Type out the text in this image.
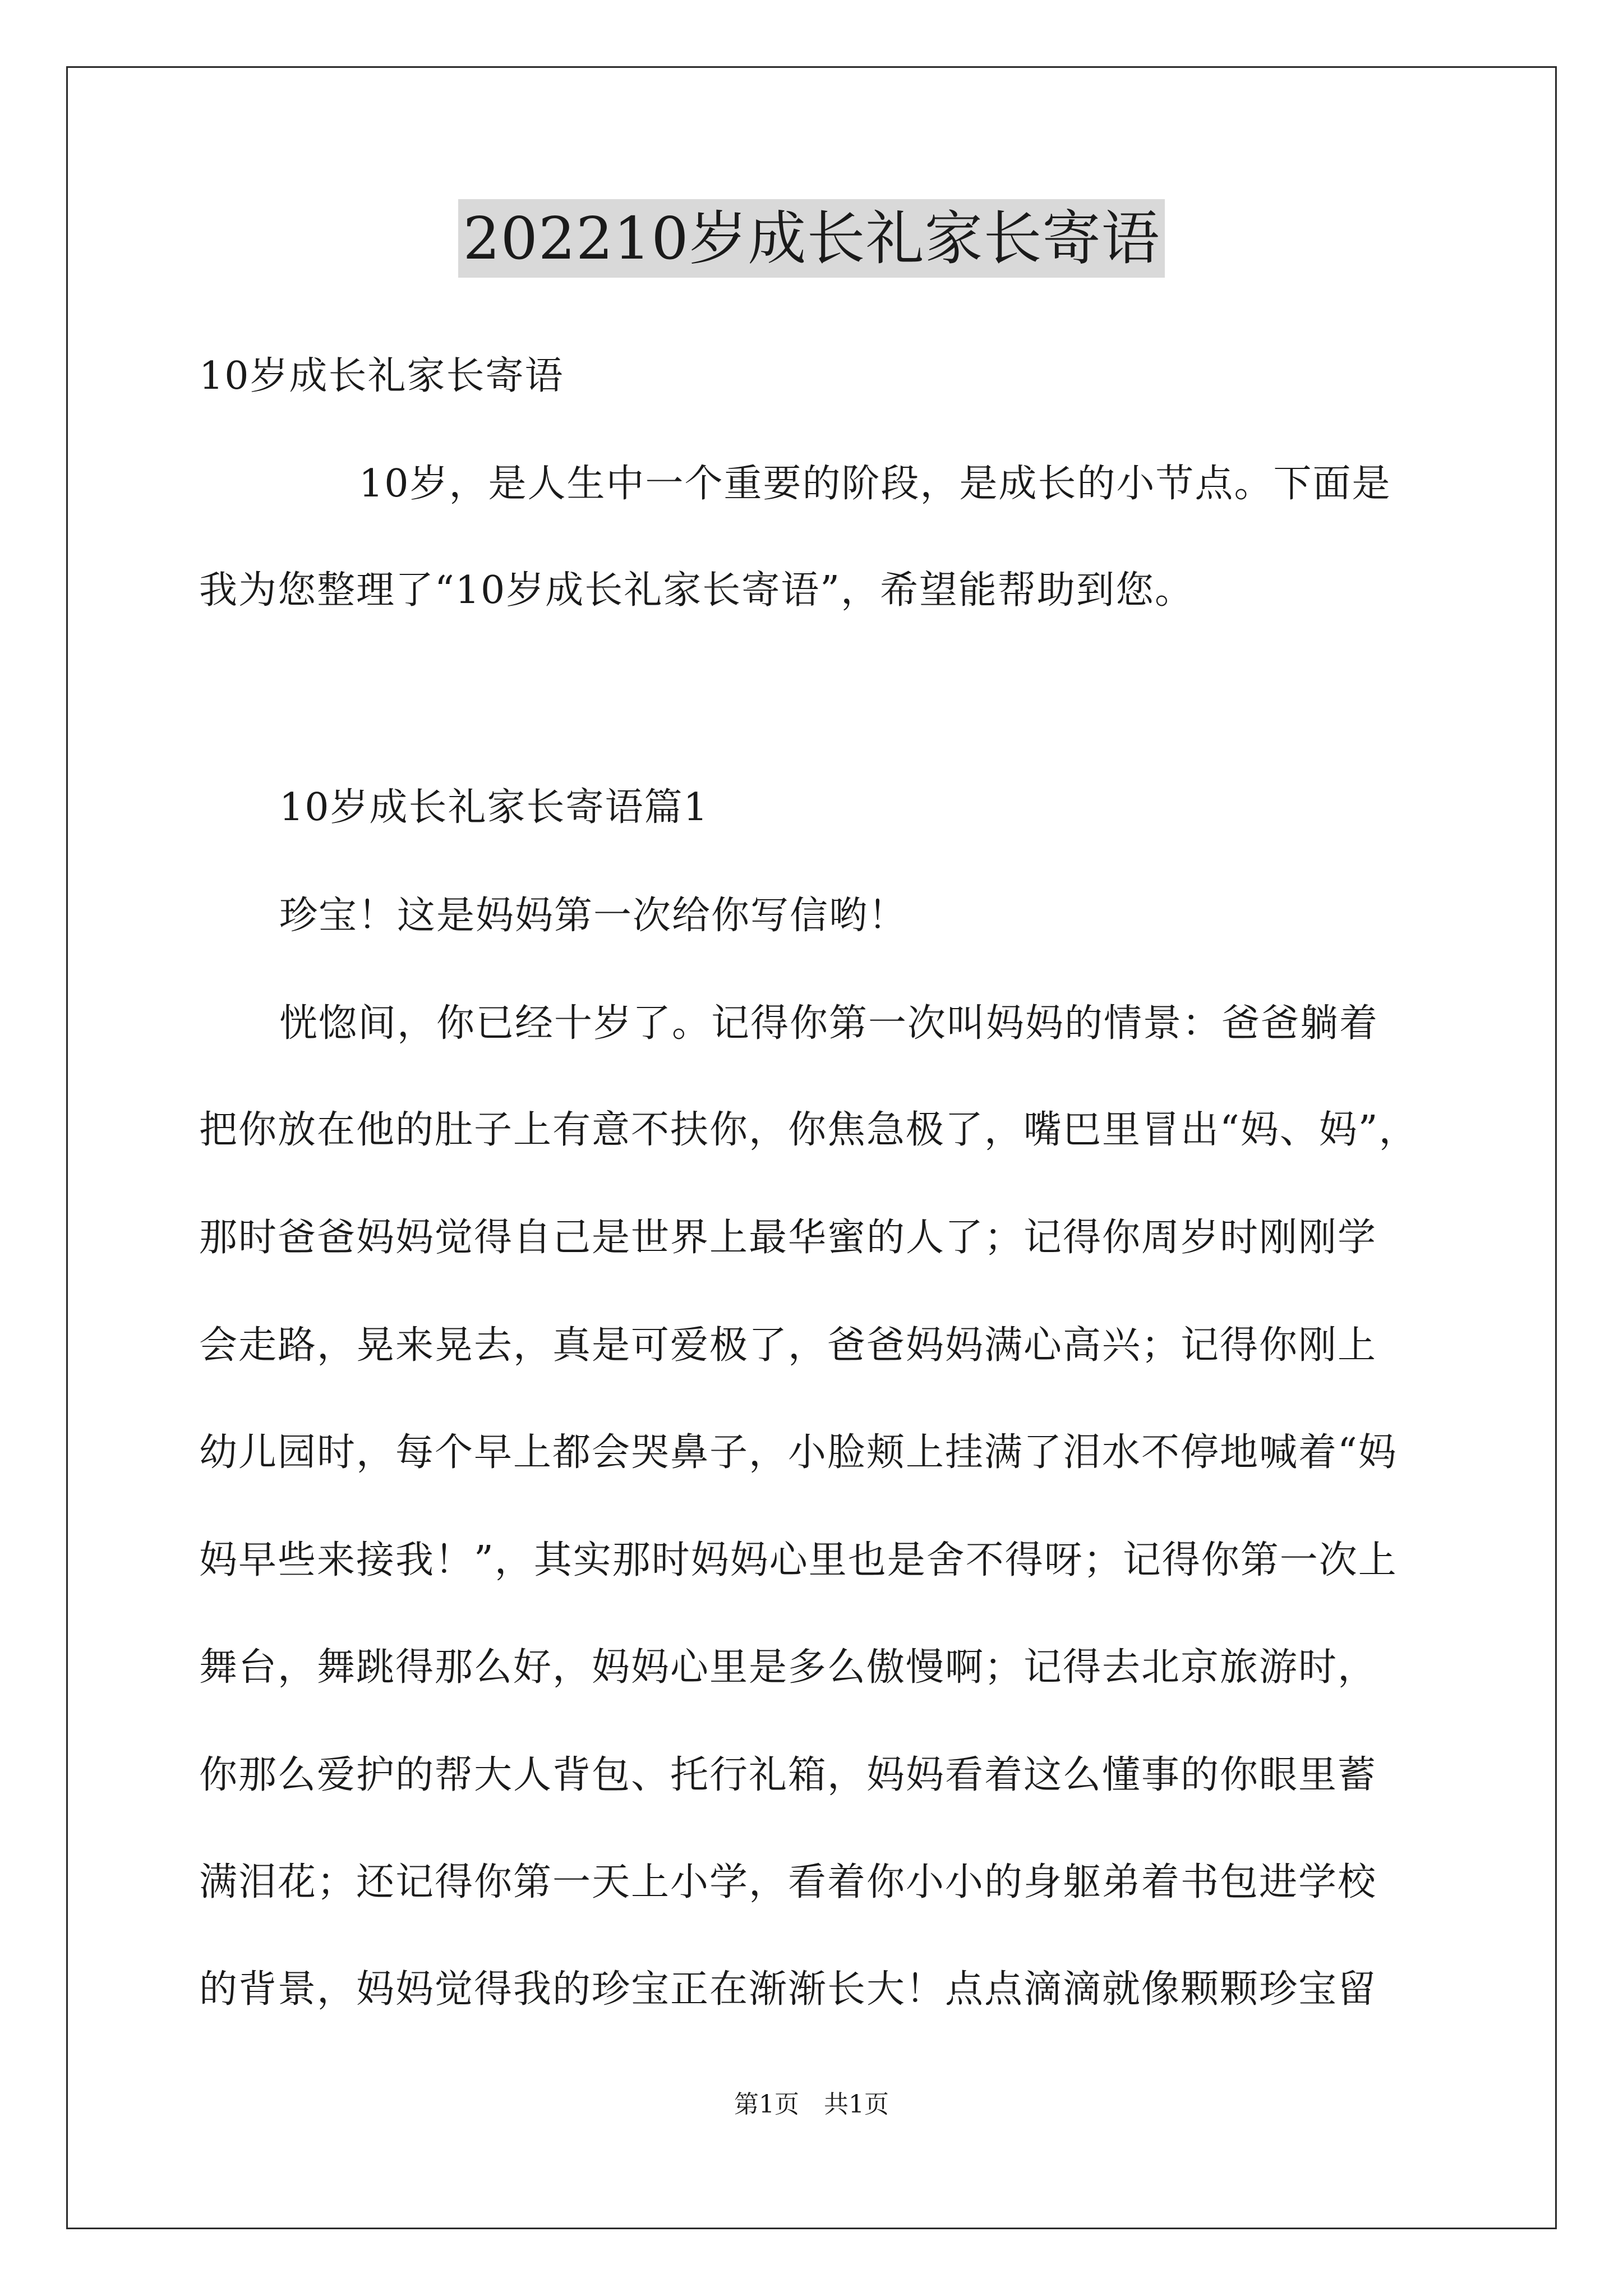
202210岁成长礼家长寄语
10岁成长礼家长寄语
10岁，是人生中一个重要的阶段，是成长的小节点。下面是
我为您整理了“10岁成长礼家长寄语”，希望能帮助到您。
10岁成长礼家长寄语篇1
珍宝！这是妈妈第一次给你写信哟！
恍惚间，你已经十岁了。记得你第一次叫妈妈的情景：爸爸躺着
把你放在他的肚子上有意不扶你，你焦急极了，嘴巴里冒出“妈、妈”，
那时爸爸妈妈觉得自己是世界上最华蜜的人了；记得你周岁时刚刚学
会走路，晃来晃去，真是可爱极了，爸爸妈妈满心高兴；记得你刚上
幼儿园时，每个早上都会哭鼻子，小脸颊上挂满了泪水不停地喊着“妈
妈早些来接我！”，其实那时妈妈心里也是舍不得呀；记得你第一次上
舞台，舞跳得那么好，妈妈心里是多么傲慢啊；记得去北京旅游时，
你那么爱护的帮大人背包、托行礼箱，妈妈看着这么懂事的你眼里蓄
满泪花；还记得你第一天上小学，看着你小小的身躯弟着书包进学校
的背景，妈妈觉得我的珍宝正在渐渐长大！点点滴滴就像颗颗珍宝留
第1页　共1页
